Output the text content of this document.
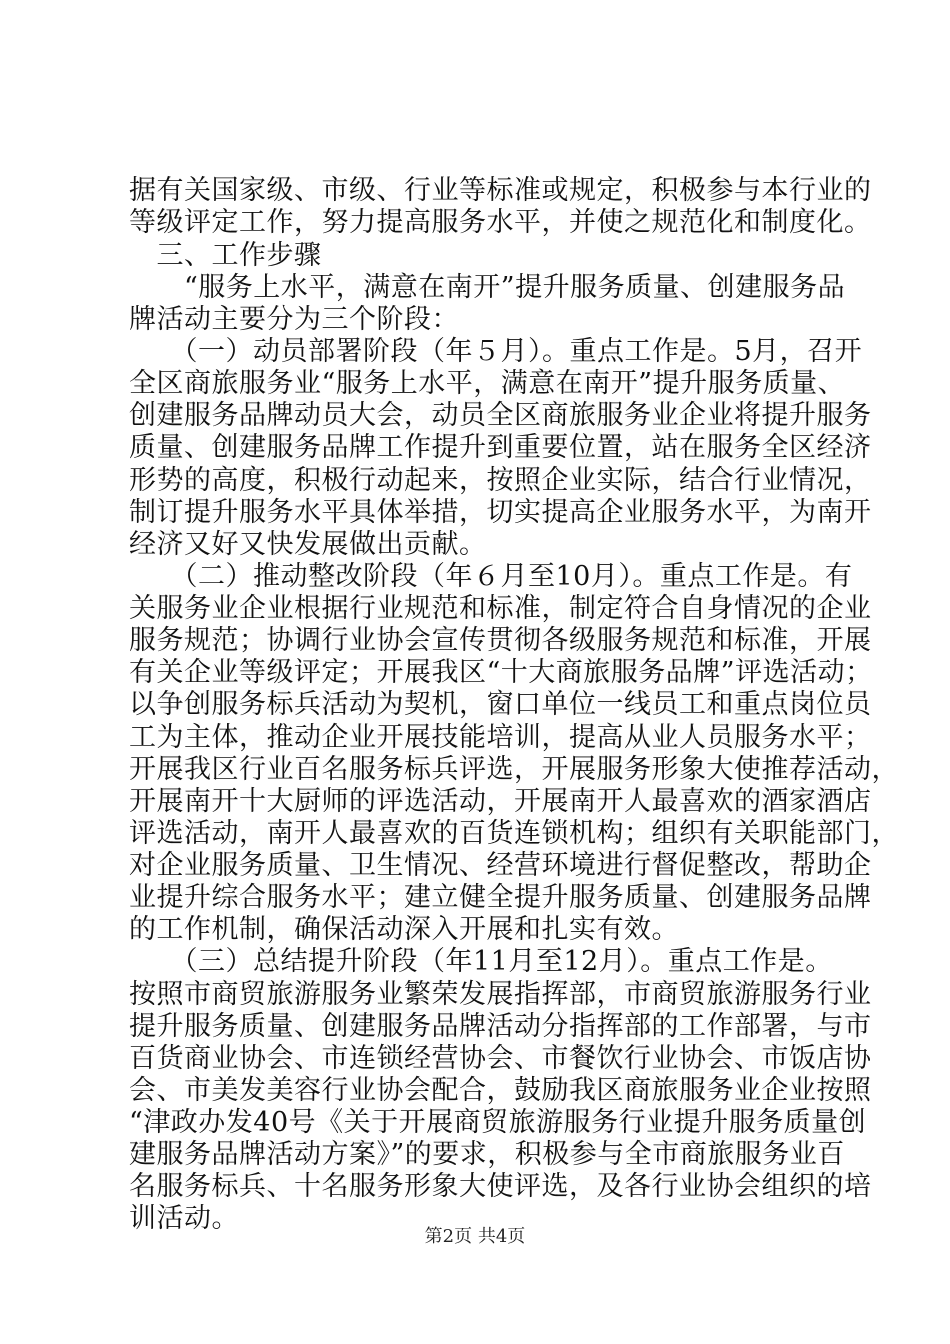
据有关国家级、市级、行业等标准或规定，积极参与本行业的
等级评定工作，努力提高服务水平，并使之规范化和制度化。
　三、工作步骤
　　“服务上水平，满意在南开”提升服务质量、创建服务品
牌活动主要分为三个阶段：
　　（一）动员部署阶段（年５月）。重点工作是。5月，召开
全区商旅服务业“服务上水平，满意在南开”提升服务质量、
创建服务品牌动员大会，动员全区商旅服务业企业将提升服务
质量、创建服务品牌工作提升到重要位置，站在服务全区经济
形势的高度，积极行动起来，按照企业实际，结合行业情况，
制订提升服务水平具体举措，切实提高企业服务水平，为南开
经济又好又快发展做出贡献。
　　（二）推动整改阶段（年６月至10月）。重点工作是。有
关服务业企业根据行业规范和标准，制定符合自身情况的企业
服务规范；协调行业协会宣传贯彻各级服务规范和标准，开展
有关企业等级评定；开展我区“十大商旅服务品牌”评选活动；
以争创服务标兵活动为契机，窗口单位一线员工和重点岗位员
工为主体，推动企业开展技能培训，提高从业人员服务水平；
开展我区行业百名服务标兵评选，开展服务形象大使推荐活动，
开展南开十大厨师的评选活动，开展南开人最喜欢的酒家酒店
评选活动，南开人最喜欢的百货连锁机构；组织有关职能部门，
对企业服务质量、卫生情况、经营环境进行督促整改，帮助企
业提升综合服务水平；建立健全提升服务质量、创建服务品牌
的工作机制，确保活动深入开展和扎实有效。
　　（三）总结提升阶段（年11月至12月）。重点工作是。
按照市商贸旅游服务业繁荣发展指挥部，市商贸旅游服务行业
提升服务质量、创建服务品牌活动分指挥部的工作部署，与市
百货商业协会、市连锁经营协会、市餐饮行业协会、市饭店协
会、市美发美容行业协会配合，鼓励我区商旅服务业企业按照
“津政办发40号《关于开展商贸旅游服务行业提升服务质量创
建服务品牌活动方案》”的要求，积极参与全市商旅服务业百
名服务标兵、十名服务形象大使评选，及各行业协会组织的培
训活动。
第2页 共4页
